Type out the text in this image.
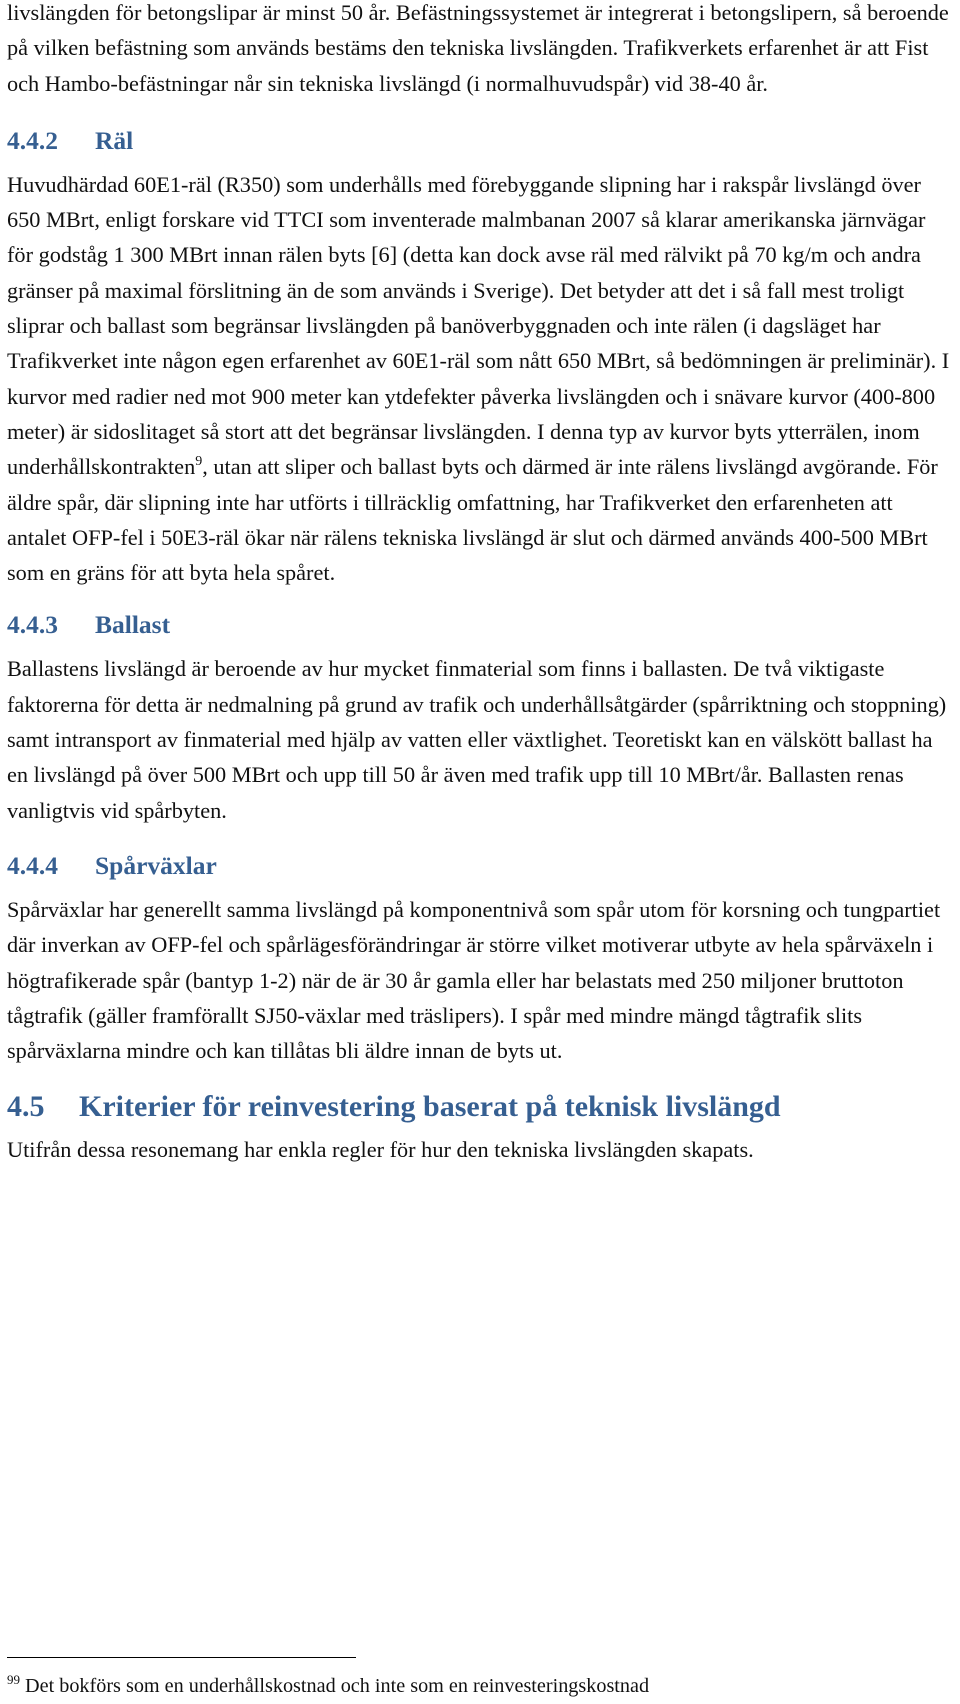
livslängden för betongslipar är minst 50 år. Befästningssystemet är integrerat i betongslipern, så beroende på vilken befästning som används bestäms den tekniska livslängden. Trafikverkets erfarenhet är att Fist och Hambo-befästningar når sin tekniska livslängd (i normalhuvudspår) vid 38-40 år.

4.4.2 Räl

Huvudhärdad 60E1-räl (R350) som underhålls med förebyggande slipning har i rakspår livslängd över 650 MBrt, enligt forskare vid TTCI som inventerade malmbanan 2007 så klarar amerikanska järnvägar för godståg 1 300 MBrt innan rälen byts [6] (detta kan dock avse räl med rälvikt på 70 kg/m och andra gränser på maximal förslitning än de som används i Sverige). Det betyder att det i så fall mest troligt sliprar och ballast som begränsar livslängden på banöverbyggnaden och inte rälen (i dagsläget har Trafikverket inte någon egen erfarenhet av 60E1-räl som nått 650 MBrt, så bedömningen är preliminär). I kurvor med radier ned mot 900 meter kan ytdefekter påverka livslängden och i snävare kurvor (400-800 meter) är sidoslitaget så stort att det begränsar livslängden. I denna typ av kurvor byts ytterrälen, inom underhållskontrakten$^9$, utan att sliper och ballast byts och därmed är inte rälens livslängd avgörande. För äldre spår, där slipning inte har utförts i tillräcklig omfattning, har Trafikverket den erfarenheten att antalet OFP-fel i 50E3-räl ökar när rälens tekniska livslängd är slut och därmed används 400-500 MBrt som en gräns för att byta hela spåret.

4.4.3 Ballast

Ballastens livslängd är beroende av hur mycket finmaterial som finns i ballasten. De två viktigaste faktorerna för detta är nedmalning på grund av trafik och underhållsåtgärder (spårriktning och stoppning) samt intransport av finmaterial med hjälp av vatten eller växtlighet. Teoretiskt kan en välskött ballast ha en livslängd på över 500 MBrt och upp till 50 år även med trafik upp till 10 MBrt/år. Ballasten renas vanligtvis vid spårbyten.

4.4.4 Spårväxlar

Spårväxlar har generellt samma livslängd på komponentnivå som spår utom för korsning och tungpartiet där inverkan av OFP-fel och spårlägesförändringar är större vilket motiverar utbyte av hela spårväxeln i högtrafikerade spår (bantyp 1-2) när de är 30 år gamla eller har belastats med 250 miljoner bruttoton tågtrafik (gäller framförallt SJ50-växlar med träslipers). I spår med mindre mängd tågtrafik slits spårväxlarna mindre och kan tillåtas bli äldre innan de byts ut.

4.5 Kriterier för reinvestering baserat på teknisk livslängd

Utifrån dessa resonemang har enkla regler för hur den tekniska livslängden skapats.

$^{99}$ Det bokförs som en underhållskostnad och inte som en reinvesteringskostnad
